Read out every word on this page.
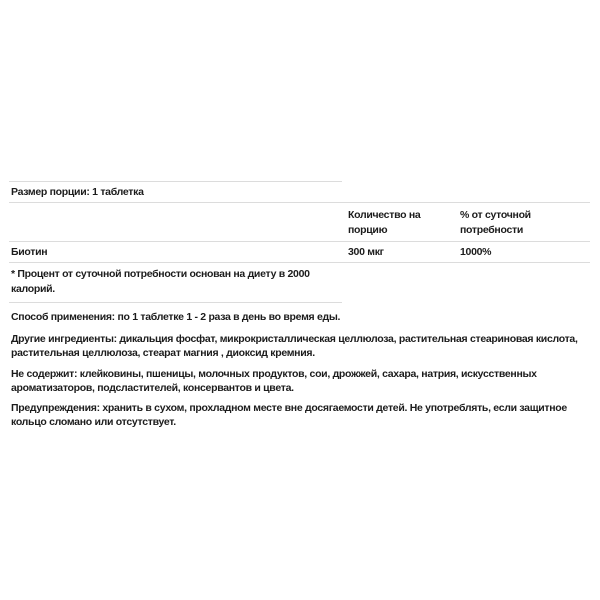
Размер порции: 1 таблетка
Количество на порцию
% от суточной потребности
Биотин	300 мкг	1000%
* Процент от суточной потребности основан на диету в 2000 калорий.

Способ применения: по 1 таблетке 1 - 2 раза в день во время еды.

Другие ингредиенты: дикальция фосфат, микрокристаллическая целлюлоза, растительная стеариновая кислота, растительная целлюлоза, стеарат магния , диоксид кремния.

Не содержит: клейковины, пшеницы, молочных продуктов, сои, дрожжей, сахара, натрия, искусственных ароматизаторов, подсластителей, консервантов и цвета.

Предупреждения: хранить в сухом, прохладном месте вне досягаемости детей. Не употреблять, если защитное кольцо сломано или отсутствует.
